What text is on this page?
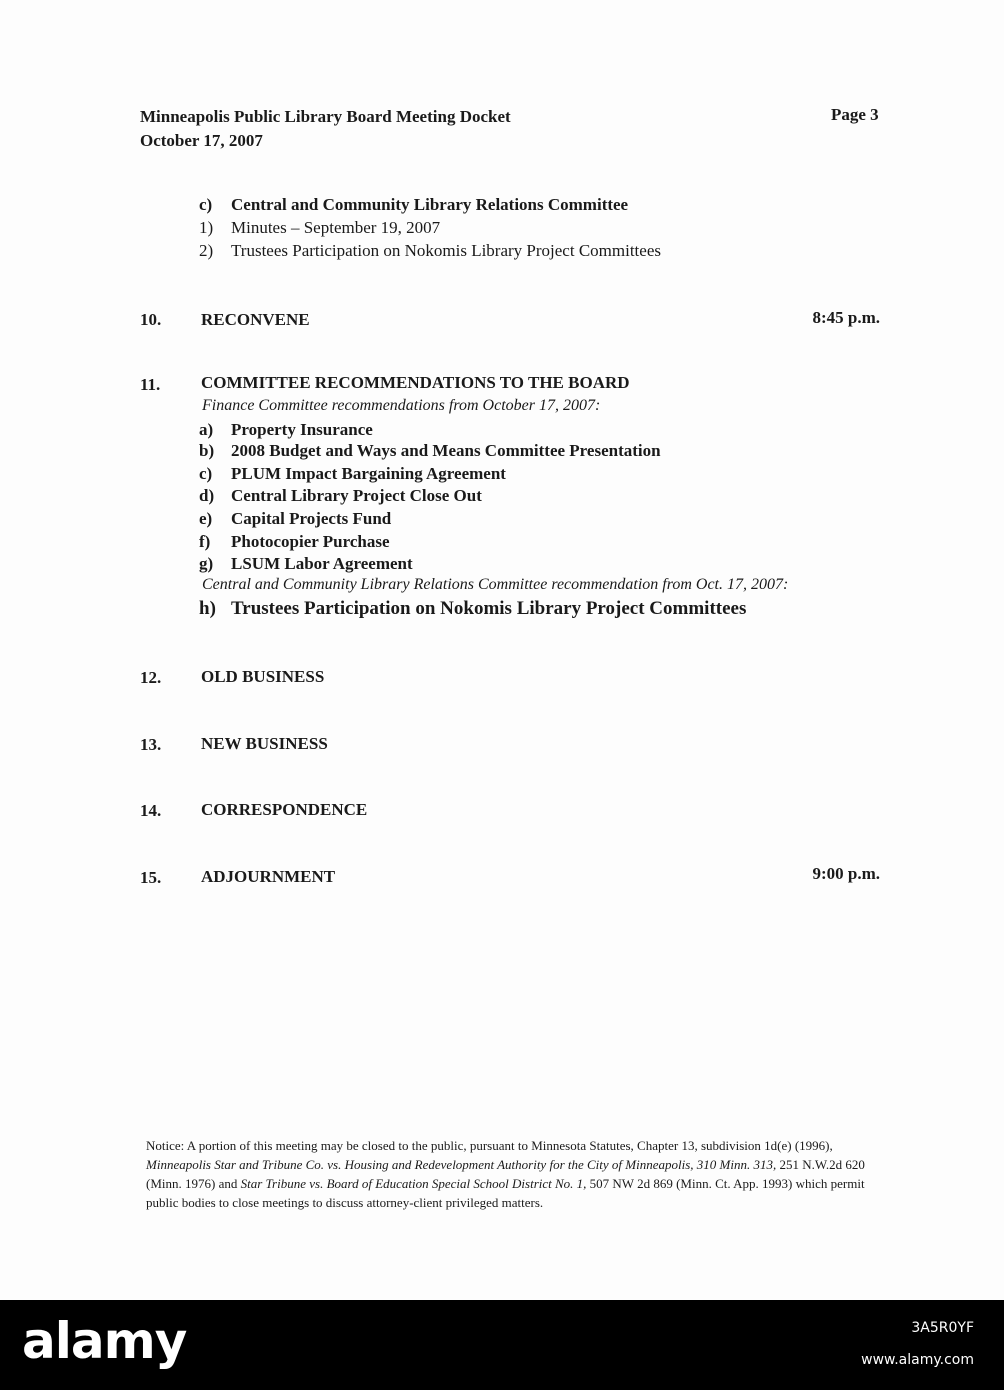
Minneapolis Public Library Board Meeting Docket
October 17, 2007
Page 3
c) Central and Community Library Relations Committee
1) Minutes – September 19, 2007
2) Trustees Participation on Nokomis Library Project Committees
10. RECONVENE	8:45 p.m.
11. COMMITTEE RECOMMENDATIONS TO THE BOARD
Finance Committee recommendations from October 17, 2007:
a) Property Insurance
b) 2008 Budget and Ways and Means Committee Presentation
c) PLUM Impact Bargaining Agreement
d) Central Library Project Close Out
e) Capital Projects Fund
f) Photocopier Purchase
g) LSUM Labor Agreement
Central and Community Library Relations Committee recommendation from Oct. 17, 2007:
h) Trustees Participation on Nokomis Library Project Committees
12. OLD BUSINESS
13. NEW BUSINESS
14. CORRESPONDENCE
15. ADJOURNMENT	9:00 p.m.
Notice: A portion of this meeting may be closed to the public, pursuant to Minnesota Statutes, Chapter 13, subdivision 1d(e) (1996), Minneapolis Star and Tribune Co. vs. Housing and Redevelopment Authority for the City of Minneapolis, 310 Minn. 313, 251 N.W.2d 620 (Minn. 1976) and Star Tribune vs. Board of Education Special School District No. 1, 507 NW 2d 869 (Minn. Ct. App. 1993) which permit public bodies to close meetings to discuss attorney-client privileged matters.
alamy	3A5R0YF
www.alamy.com
